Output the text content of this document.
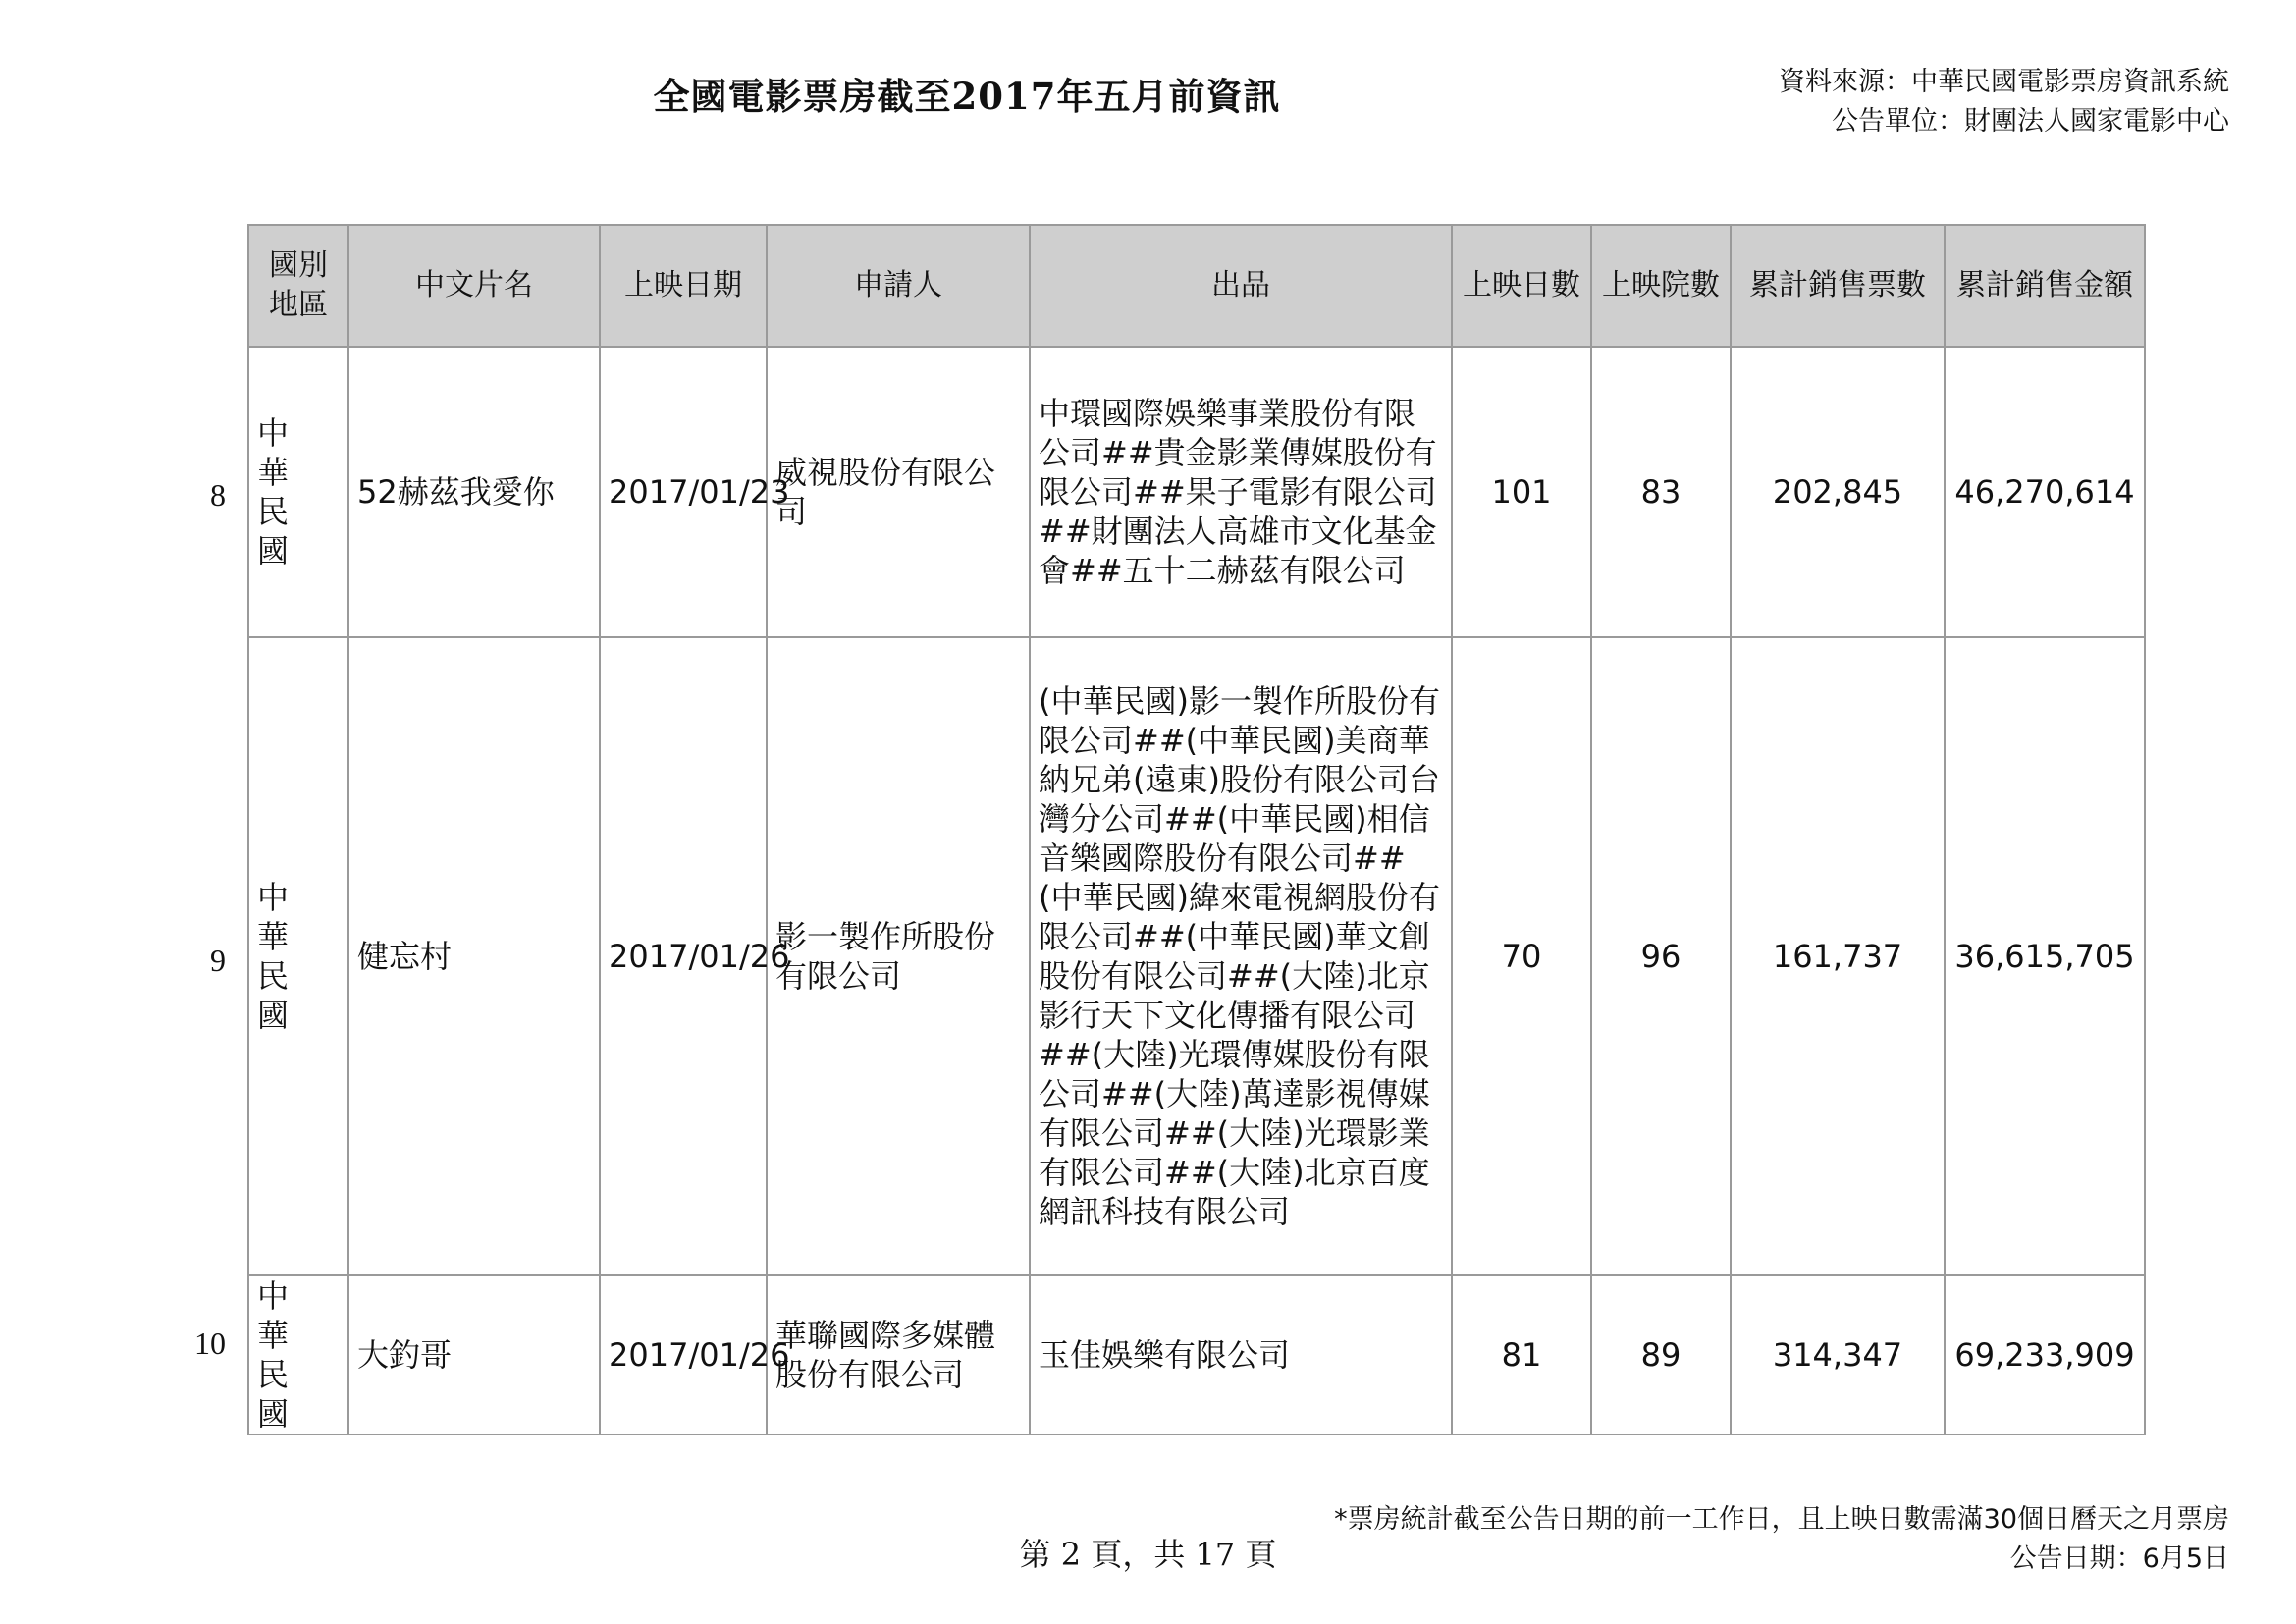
全國電影票房截至2017年五月前資訊	資料來源：中華民國電影票房資訊系統
公告單位：財團法人國家電影中心
國別地區	中文片名	上映日期	申請人	出品	上映日數	上映院數	累計銷售票數	累計銷售金額
中華民國	52赫茲我愛你	2017/01/23	威視股份有限公司	中環國際娛樂事業股份有限公司##貴金影業傳媒股份有限公司##果子電影有限公司##財團法人高雄市文化基金會##五十二赫茲有限公司	101	83	202,845	46,270,614
中華民國	健忘村	2017/01/26	影一製作所股份有限公司	(中華民國)影一製作所股份有限公司##(中華民國)美商華納兄弟(遠東)股份有限公司台灣分公司##(中華民國)相信音樂國際股份有限公司##(中華民國)緯來電視網股份有限公司##(中華民國)華文創股份有限公司##(大陸)北京影行天下文化傳播有限公司##(大陸)光環傳媒股份有限公司##(大陸)萬達影視傳媒有限公司##(大陸)光環影業有限公司##(大陸)北京百度網訊科技有限公司	70	96	161,737	36,615,705
中華民國	大釣哥	2017/01/26	華聯國際多媒體股份有限公司	玉佳娛樂有限公司	81	89	314,347	69,233,909
8
9
10
*票房統計截至公告日期的前一工作日，且上映日數需滿30個日曆天之月票房
公告日期：6月5日
第 2 頁，共 17 頁
